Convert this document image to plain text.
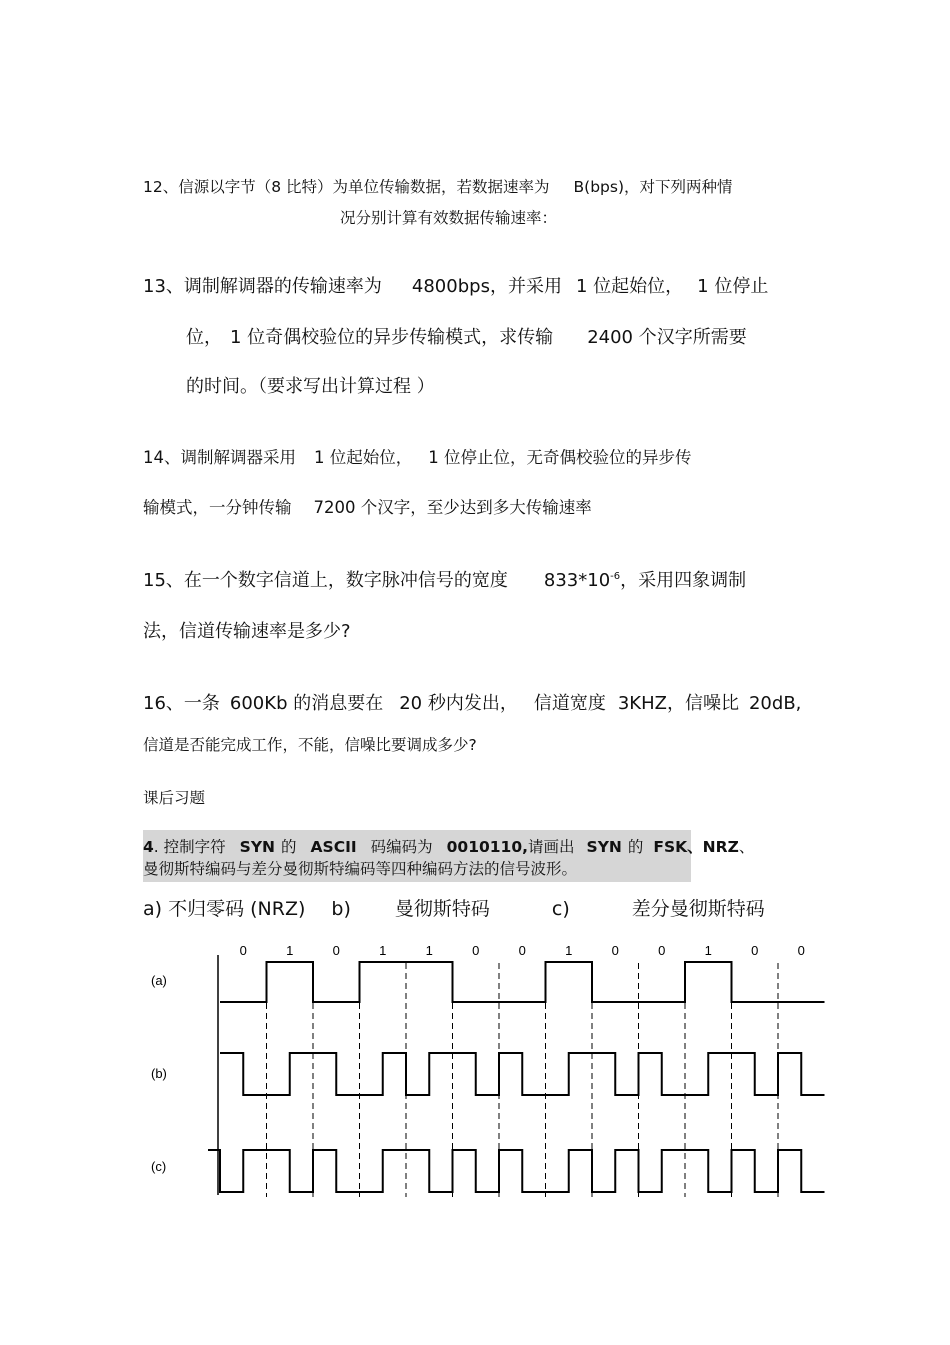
12、信源以字节（8 比特）为单位传输数据，若数据速率为 B(bps)，对下列两种情
况分别计算有效数据传输速率：
13、调制解调器的传输速率为 4800bps，并采用 1 位起始位， 1 位停止
位， 1 位奇偶校验位的异步传输模式，求传输 2400 个汉字所需要
的时间。（要求写出计算过程 ）
14、调制解调器采用 1 位起始位， 1 位停止位，无奇偶校验位的异步传
输模式，一分钟传输 7200 个汉字，至少达到多大传输速率
15、在一个数字信道上，数字脉冲信号的宽度 $833*10^{-6}$，采用四象调制
法，信道传输速率是多少?
16、一条 600Kb 的消息要在 20 秒内发出， 信道宽度 3KHZ，信噪比 20dB,
信道是否能完成工作，不能，信噪比要调成多少?
课后习题
4. 控制字符 SYN 的 ASCII 码编码为 0010110,请画出 SYN 的 FSK、NRZ、
曼彻斯特编码与差分曼彻斯特编码等四种编码方法的信号波形。
a) 不归零码 (NRZ) b) 曼彻斯特码	c)	差分曼彻斯特码
0	1	0	1	1	0	0	1	0	0	1	0	0
(a)
(b)
(c)
